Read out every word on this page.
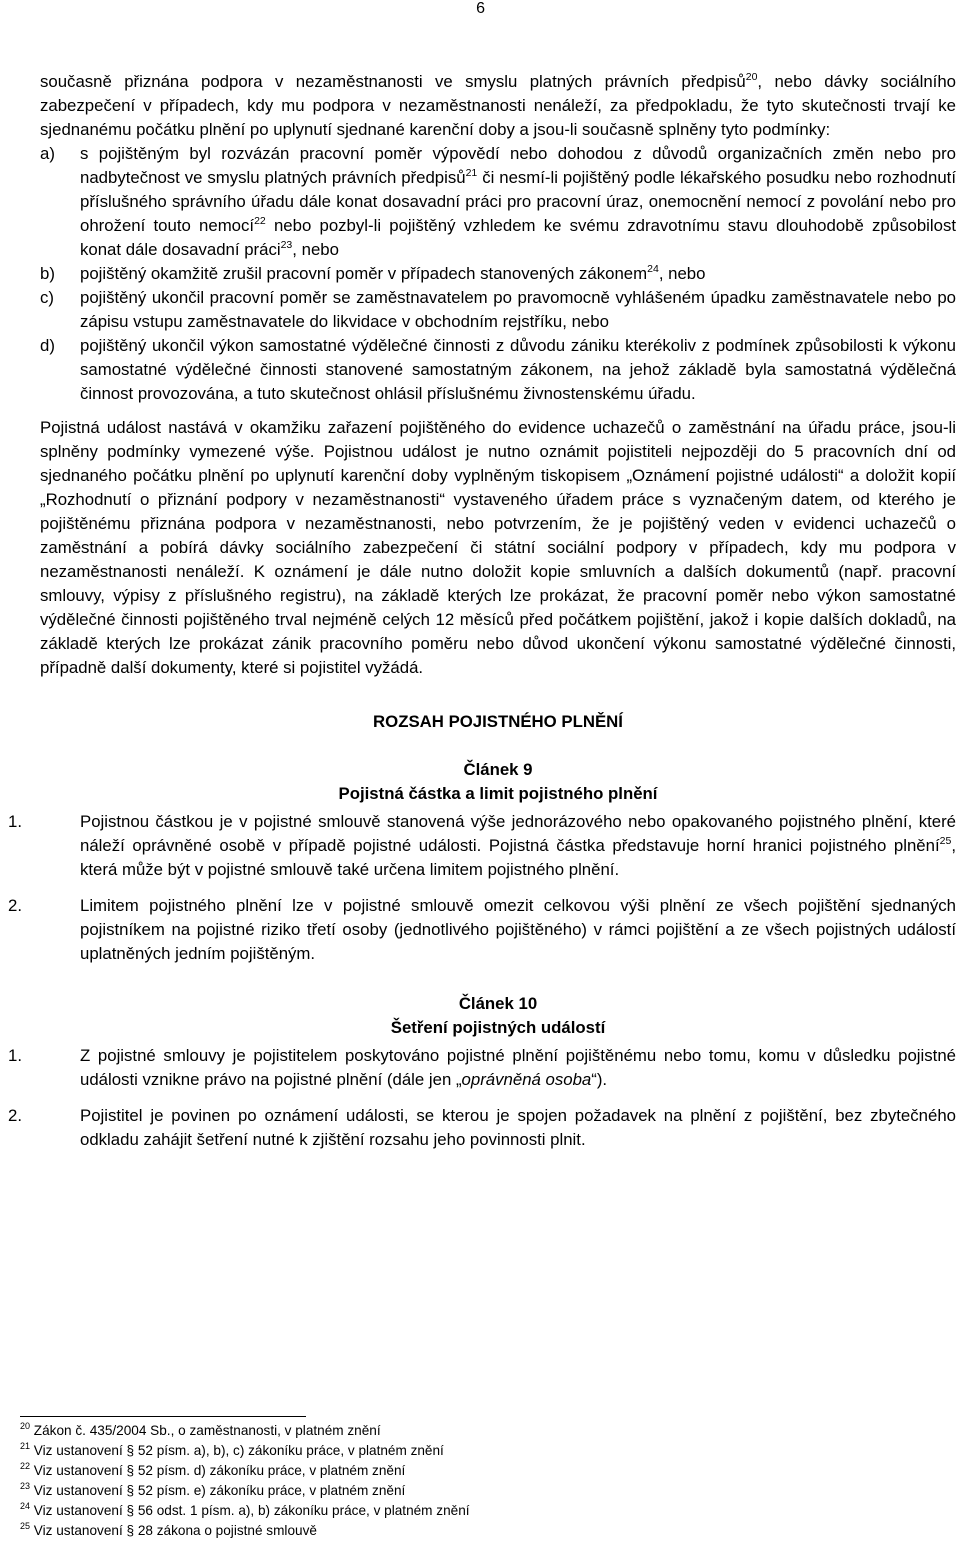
6

současně přiznána podpora v nezaměstnanosti ve smyslu platných právních předpisů$^{20}$, nebo dávky sociálního zabezpečení v případech, kdy mu podpora v nezaměstnanosti nenáleží, za předpokladu, že tyto skutečnosti trvají ke sjednanému počátku plnění po uplynutí sjednané karenční doby a jsou-li současně splněny tyto podmínky:

a)	s pojištěným byl rozvázán pracovní poměr výpovědí nebo dohodou z důvodů organizačních změn nebo pro nadbytečnost ve smyslu platných právních předpisů$^{21}$ či nesmí-li pojištěný podle lékařského posudku nebo rozhodnutí příslušného správního úřadu dále konat dosavadní práci pro pracovní úraz, onemocnění nemocí z povolání nebo pro ohrožení touto nemocí$^{22}$ nebo pozbyl-li pojištěný vzhledem ke svému zdravotnímu stavu dlouhodobě způsobilost konat dále dosavadní práci$^{23}$, nebo
b)	pojištěný okamžitě zrušil pracovní poměr v případech stanovených zákonem$^{24}$, nebo
c)	pojištěný ukončil pracovní poměr se zaměstnavatelem po pravomocně vyhlášeném úpadku zaměstnavatele nebo po zápisu vstupu zaměstnavatele do likvidace v obchodním rejstříku, nebo
d)	pojištěný ukončil výkon samostatné výdělečné činnosti z důvodu zániku kterékoliv z podmínek způsobilosti k výkonu samostatné výdělečné činnosti stanovené samostatným zákonem, na jehož základě byla samostatná výdělečná činnost provozována, a tuto skutečnost ohlásil příslušnému živnostenskému úřadu.

Pojistná událost nastává v okamžiku zařazení pojištěného do evidence uchazečů o zaměstnání na úřadu práce, jsou-li splněny podmínky vymezené výše. Pojistnou událost je nutno oznámit pojistiteli nejpozději do 5 pracovních dní od sjednaného počátku plnění po uplynutí karenční doby vyplněným tiskopisem „Oznámení pojistné události“ a doložit kopií „Rozhodnutí o přiznání podpory v nezaměstnanosti“ vystaveného úřadem práce s vyznačeným datem, od kterého je pojištěnému přiznána podpora v nezaměstnanosti, nebo potvrzením, že je pojištěný veden v evidenci uchazečů o zaměstnání a pobírá dávky sociálního zabezpečení či státní sociální podpory v případech, kdy mu podpora v nezaměstnanosti nenáleží. K oznámení je dále nutno doložit kopie smluvních a dalších dokumentů (např. pracovní smlouvy, výpisy z příslušného registru), na základě kterých lze prokázat, že pracovní poměr nebo výkon samostatné výdělečné činnosti pojištěného trval nejméně celých 12 měsíců před počátkem pojištění, jakož i kopie dalších dokladů, na základě kterých lze prokázat zánik pracovního poměru nebo důvod ukončení výkonu samostatné výdělečné činnosti, případně další dokumenty, které si pojistitel vyžádá.

ROZSAH POJISTNÉHO PLNĚNÍ
Článek 9
Pojistná částka a limit pojistného plnění
1.	Pojistnou částkou je v pojistné smlouvě stanovená výše jednorázového nebo opakovaného pojistného plnění, které náleží oprávněné osobě v případě pojistné události. Pojistná částka představuje horní hranici pojistného plnění$^{25}$, která může být v pojistné smlouvě také určena limitem pojistného plnění.
2.	Limitem pojistného plnění lze v pojistné smlouvě omezit celkovou výši plnění ze všech pojištění sjednaných pojistníkem na pojistné riziko třetí osoby (jednotlivého pojištěného) v rámci pojištění a ze všech pojistných událostí uplatněných jedním pojištěným.
Článek 10
Šetření pojistných událostí
1.	Z pojistné smlouvy je pojistitelem poskytováno pojistné plnění pojištěnému nebo tomu, komu v důsledku pojistné události vznikne právo na pojistné plnění (dále jen „oprávněná osoba“).
2.	Pojistitel je povinen po oznámení události, se kterou je spojen požadavek na plnění z pojištění, bez zbytečného odkladu zahájit šetření nutné k zjištění rozsahu jeho povinnosti plnit.
$^{20}$ Zákon č. 435/2004 Sb., o zaměstnanosti, v platném znění
$^{21}$ Viz ustanovení § 52 písm. a), b), c) zákoníku práce, v platném znění
$^{22}$ Viz ustanovení § 52 písm. d) zákoníku práce, v platném znění
$^{23}$ Viz ustanovení § 52 písm. e) zákoníku práce, v platném znění
$^{24}$ Viz ustanovení § 56 odst. 1 písm. a), b) zákoníku práce, v platném znění
$^{25}$ Viz ustanovení § 28 zákona o pojistné smlouvě
